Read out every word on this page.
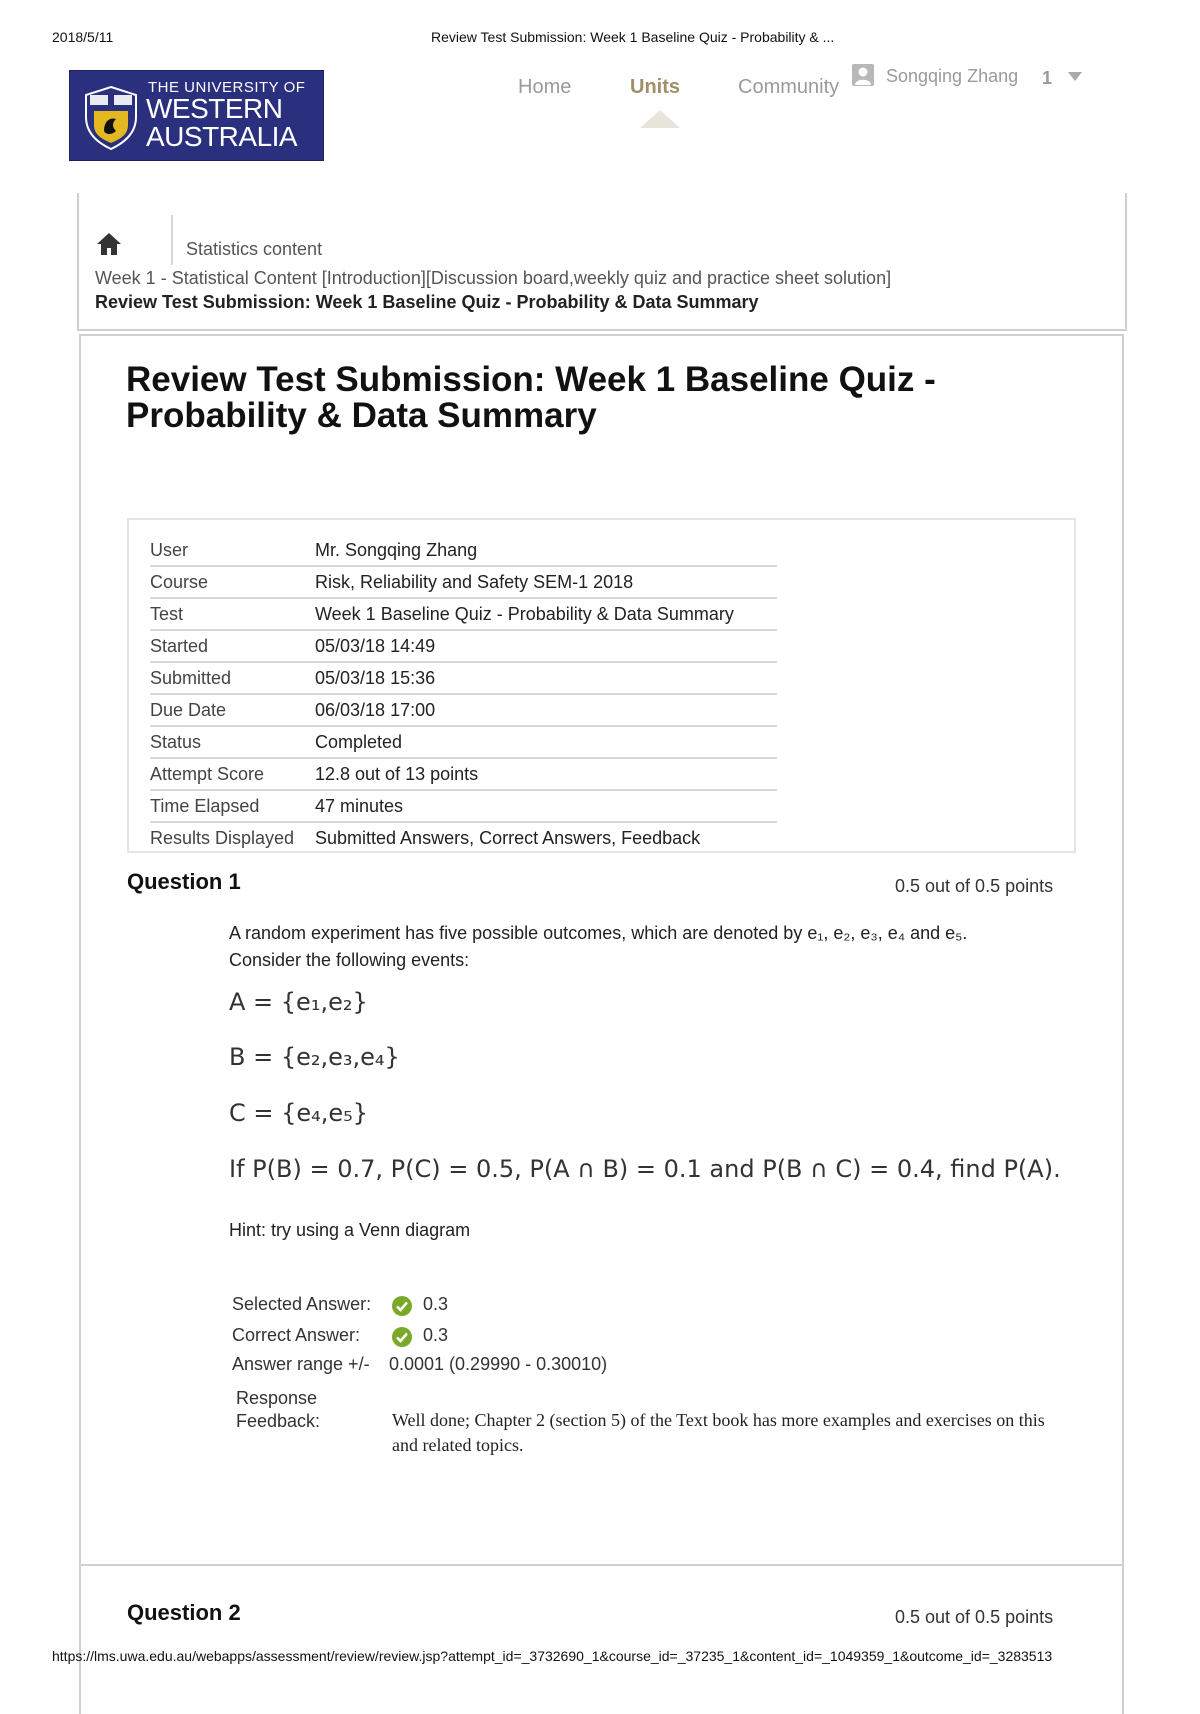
2018/5/11	Review Test Submission: Week 1 Baseline Quiz - Probability & ...
THE UNIVERSITY OF
WESTERN
AUSTRALIA
Home	Units	Community	Songqing Zhang 1
Statistics content
Week 1 - Statistical Content [Introduction][Discussion board,weekly quiz and practice sheet solution]
Review Test Submission: Week 1 Baseline Quiz - Probability & Data Summary
Review Test Submission: Week 1 Baseline Quiz - Probability & Data Summary
User	Mr. Songqing Zhang
Course	Risk, Reliability and Safety SEM-1 2018
Test	Week 1 Baseline Quiz - Probability & Data Summary
Started	05/03/18 14:49
Submitted	05/03/18 15:36
Due Date	06/03/18 17:00
Status	Completed
Attempt Score	12.8 out of 13 points
Time Elapsed	47 minutes
Results Displayed	Submitted Answers, Correct Answers, Feedback
Question 1	0.5 out of 0.5 points
A random experiment has five possible outcomes, which are denoted by e₁, e₂, e₃, e₄ and e₅.
Consider the following events:
A = {e₁,e₂}
B = {e₂,e₃,e₄}
C = {e₄,e₅}
If P(B) = 0.7, P(C) = 0.5, P(A ∩ B) = 0.1 and P(B ∩ C) = 0.4, find P(A).
Hint: try using a Venn diagram
Selected Answer:	0.3
Correct Answer:	0.3
Answer range +/- 0.0001 (0.29990 - 0.30010)
Response
Feedback:	Well done; Chapter 2 (section 5) of the Text book has more examples and exercises on this and related topics.
Question 2	0.5 out of 0.5 points
https://lms.uwa.edu.au/webapps/assessment/review/review.jsp?attempt_id=_3732690_1&course_id=_37235_1&content_id=_1049359_1&outcome_id=_3283513
